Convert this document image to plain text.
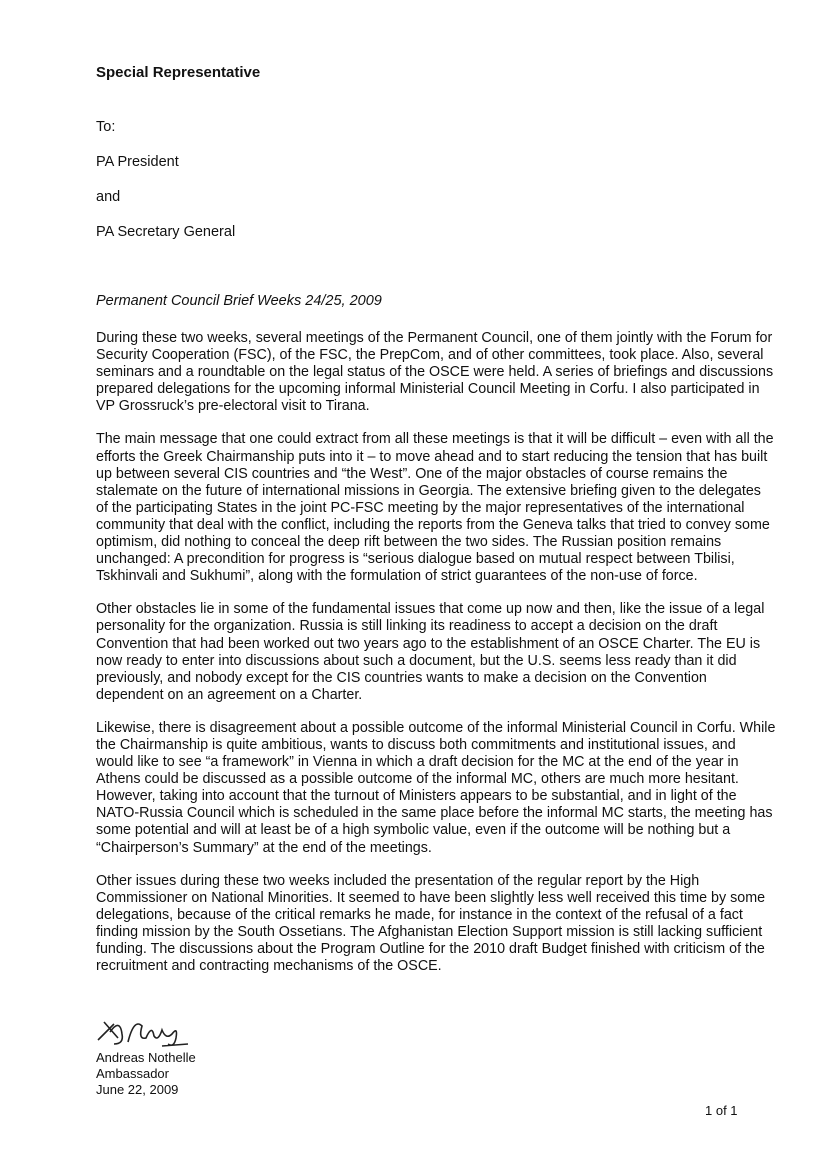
Special Representative
To:
PA President
and
PA Secretary General
Permanent Council Brief Weeks 24/25, 2009

During these two weeks, several meetings of the Permanent Council, one of them jointly with the Forum for Security Cooperation (FSC), of the FSC, the PrepCom, and of other committees, took place. Also, several seminars and a roundtable on the legal status of the OSCE were held. A series of briefings and discussions prepared delegations for the upcoming informal Ministerial Council Meeting in Corfu. I also participated in VP Grossruck’s pre-electoral visit to Tirana.

The main message that one could extract from all these meetings is that it will be difficult – even with all the efforts the Greek Chairmanship puts into it – to move ahead and to start reducing the tension that has built up between several CIS countries and “the West”. One of the major obstacles of course remains the stalemate on the future of international missions in Georgia. The extensive briefing given to the delegates of the participating States in the joint PC-FSC meeting by the major representatives of the international community that deal with the conflict, including the reports from the Geneva talks that tried to convey some optimism, did nothing to conceal the deep rift between the two sides. The Russian position remains unchanged: A precondition for progress is “serious dialogue based on mutual respect between Tbilisi, Tskhinvali and Sukhumi”, along with the formulation of strict guarantees of the non-use of force.

Other obstacles lie in some of the fundamental issues that come up now and then, like the issue of a legal personality for the organization. Russia is still linking its readiness to accept a decision on the draft Convention that had been worked out two years ago to the establishment of an OSCE Charter. The EU is now ready to enter into discussions about such a document, but the U.S. seems less ready than it did previously, and nobody except for the CIS countries wants to make a decision on the Convention dependent on an agreement on a Charter.

Likewise, there is disagreement about a possible outcome of the informal Ministerial Council in Corfu. While the Chairmanship is quite ambitious, wants to discuss both commitments and institutional issues, and would like to see “a framework” in Vienna in which a draft decision for the MC at the end of the year in Athens could be discussed as a possible outcome of the informal MC, others are much more hesitant. However, taking into account that the turnout of Ministers appears to be substantial, and in light of the NATO-Russia Council which is scheduled in the same place before the informal MC starts, the meeting has some potential and will at least be of a high symbolic value, even if the outcome will be nothing but a “Chairperson’s Summary” at the end of the meetings.

Other issues during these two weeks included the presentation of the regular report by the High Commissioner on National Minorities. It seemed to have been slightly less well received this time by some delegations, because of the critical remarks he made, for instance in the context of the refusal of a fact finding mission by the South Ossetians. The Afghanistan Election Support mission is still lacking sufficient funding. The discussions about the Program Outline for the 2010 draft Budget finished with criticism of the recruitment and contracting mechanisms of the OSCE.

Andreas Nothelle
Ambassador
June 22, 2009
1 of 1
